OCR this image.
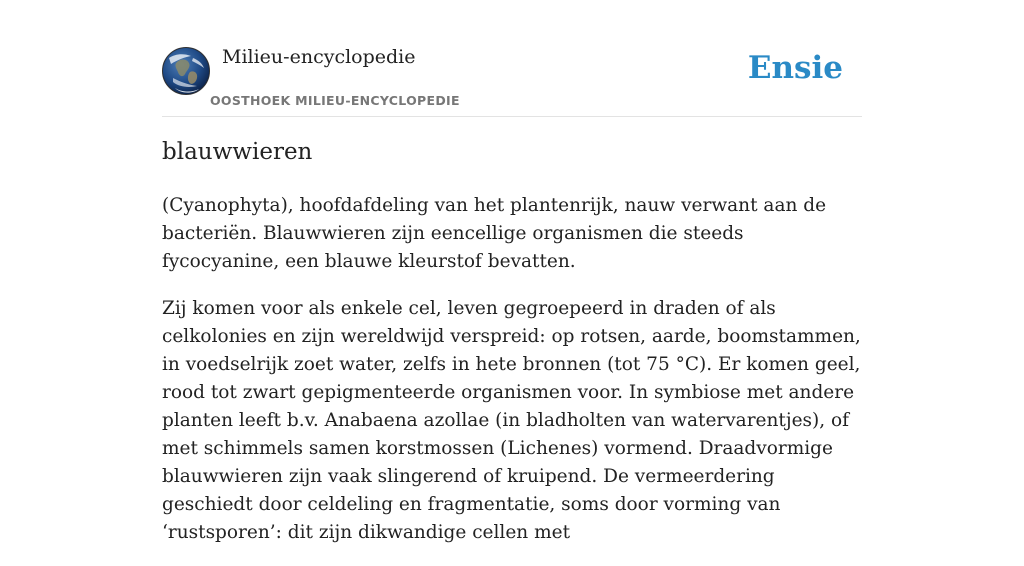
Milieu-encyclopedie
OOSTHOEK MILIEU-ENCYCLOPEDIE
Ensie
blauwwieren

(Cyanophyta), hoofdafdeling van het plantenrijk, nauw verwant aan de bacteriën. Blauwwieren zijn eencellige organismen die steeds fycocyanine, een blauwe kleurstof bevatten.

Zij komen voor als enkele cel, leven gegroepeerd in draden of als celkolonies en zijn wereldwijd verspreid: op rotsen, aarde, boomstammen, in voedselrijk zoet water, zelfs in hete bronnen (tot 75 °C). Er komen geel, rood tot zwart gepigmenteerde organismen voor. In symbiose met andere planten leeft b.v. Anabaena azollae (in bladholten van watervarentjes), of met schimmels samen korstmossen (Lichenes) vormend. Draadvormige blauwwieren zijn vaak slingerend of kruipend. De vermeerdering geschiedt door celdeling en fragmentatie, soms door vorming van ‘rustsporen’: dit zijn dikwandige cellen met
